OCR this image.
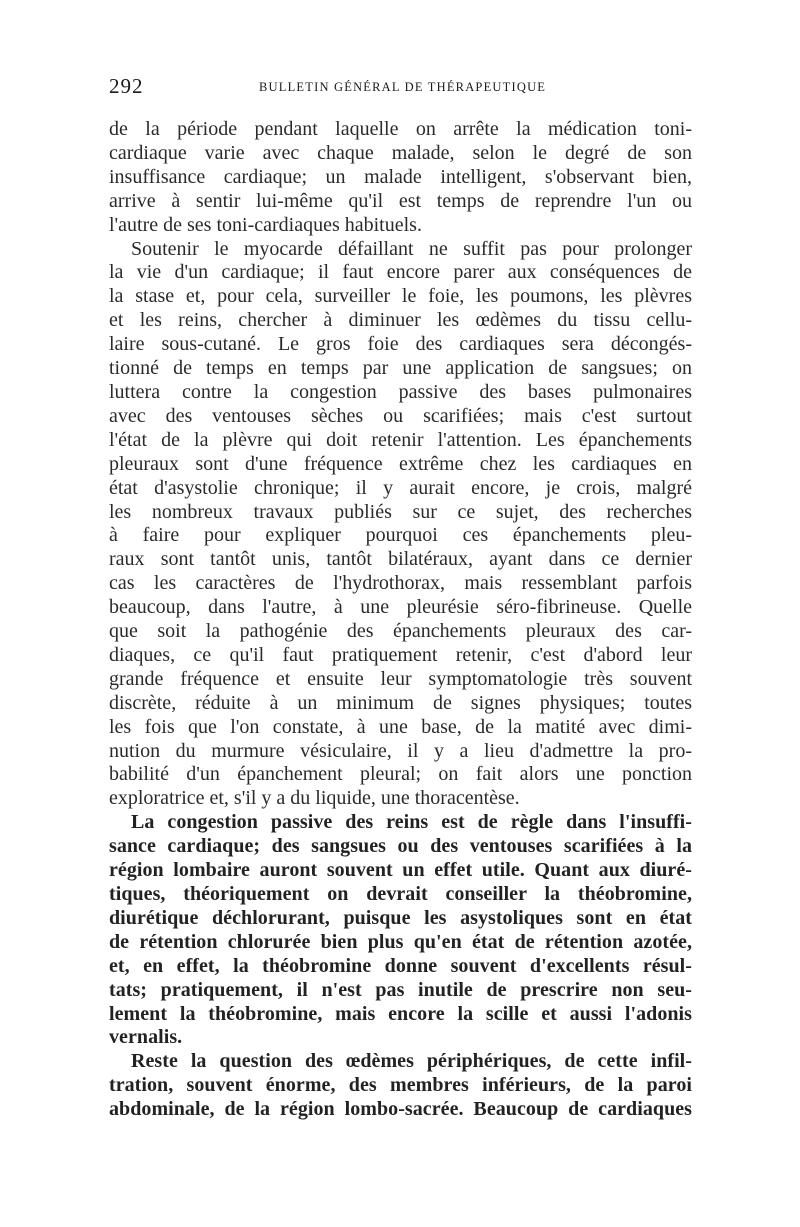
292	BULLETIN GÉNÉRAL DE THÉRAPEUTIQUE

de la période pendant laquelle on arrête la médication toni-
cardiaque varie avec chaque malade, selon le degré de son
insuffisance cardiaque; un malade intelligent, s'observant bien,
arrive à sentir lui-même qu'il est temps de reprendre l'un ou
l'autre de ses toni-cardiaques habituels.

Soutenir le myocarde défaillant ne suffit pas pour prolonger
la vie d'un cardiaque; il faut encore parer aux conséquences de
la stase et, pour cela, surveiller le foie, les poumons, les plèvres
et les reins, chercher à diminuer les œdèmes du tissu cellu-
laire sous-cutané. Le gros foie des cardiaques sera décongés-
tionné de temps en temps par une application de sangsues; on
luttera contre la congestion passive des bases pulmonaires
avec des ventouses sèches ou scarifiées; mais c'est surtout
l'état de la plèvre qui doit retenir l'attention. Les épanchements
pleuraux sont d'une fréquence extrême chez les cardiaques en
état d'asystolie chronique; il y aurait encore, je crois, malgré
les nombreux travaux publiés sur ce sujet, des recherches
à faire pour expliquer pourquoi ces épanchements pleu-
raux sont tantôt unis, tantôt bilatéraux, ayant dans ce dernier
cas les caractères de l'hydrothorax, mais ressemblant parfois
beaucoup, dans l'autre, à une pleurésie séro-fibrineuse. Quelle
que soit la pathogénie des épanchements pleuraux des car-
diaques, ce qu'il faut pratiquement retenir, c'est d'abord leur
grande fréquence et ensuite leur symptomatologie très souvent
discrète, réduite à un minimum de signes physiques; toutes
les fois que l'on constate, à une base, de la matité avec dimi-
nution du murmure vésiculaire, il y a lieu d'admettre la pro-
babilité d'un épanchement pleural; on fait alors une ponction
exploratrice et, s'il y a du liquide, une thoracentèse.

La congestion passive des reins est de règle dans l'insuffi-
sance cardiaque; des sangsues ou des ventouses scarifiées à la
région lombaire auront souvent un effet utile. Quant aux diuré-
tiques, théoriquement on devrait conseiller la théobromine,
diurétique déchlorurant, puisque les asystoliques sont en état
de rétention chlorurée bien plus qu'en état de rétention azotée,
et, en effet, la théobromine donne souvent d'excellents résul-
tats; pratiquement, il n'est pas inutile de prescrire non seu-
lement la théobromine, mais encore la scille et aussi l'adonis
vernalis.

Reste la question des œdèmes périphériques, de cette infil-
tration, souvent énorme, des membres inférieurs, de la paroi
abdominale, de la région lombo-sacrée. Beaucoup de cardiaques
